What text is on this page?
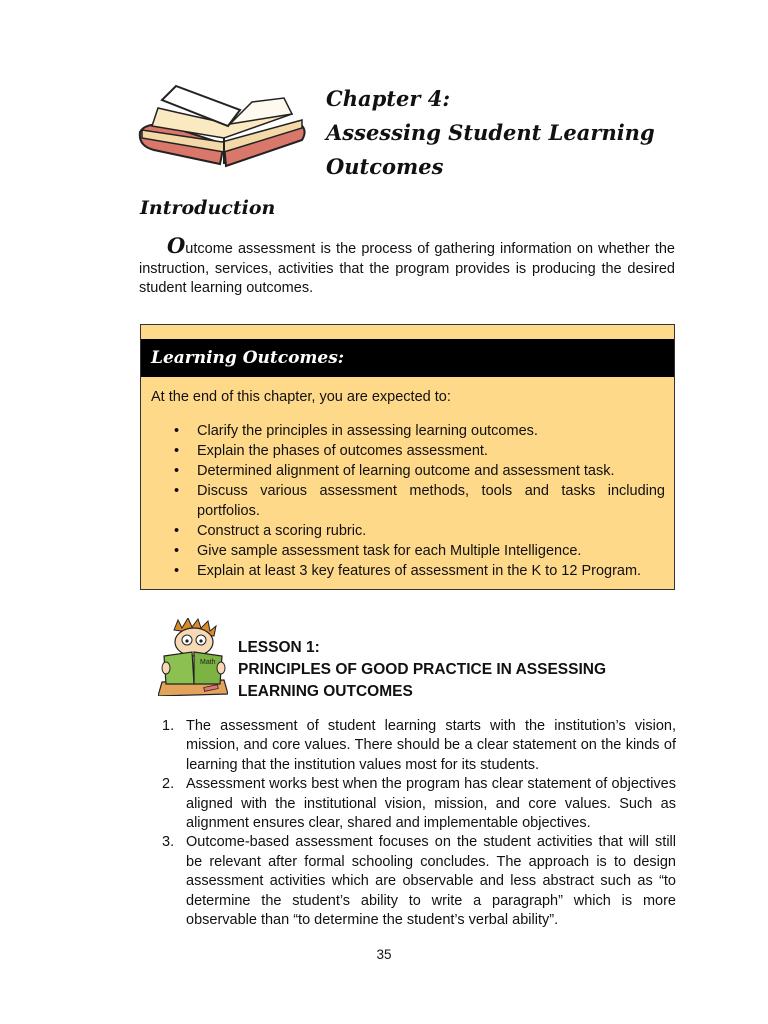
Chapter 4:
Assessing Student Learning
Outcomes
Introduction

Outcome assessment is the process of gathering information on whether the instruction, services, activities that the program provides is producing the desired student learning outcomes.

Learning Outcomes:
At the end of this chapter, you are expected to:
• Clarify the principles in assessing learning outcomes.
• Explain the phases of outcomes assessment.
• Determined alignment of learning outcome and assessment task.
• Discuss various assessment methods, tools and tasks including portfolios.
• Construct a scoring rubric.
• Give sample assessment task for each Multiple Intelligence.
• Explain at least 3 key features of assessment in the K to 12 Program.
Math
LESSON 1:
PRINCIPLES OF GOOD PRACTICE IN ASSESSING
LEARNING OUTCOMES
1. The assessment of student learning starts with the institution’s vision, mission, and core values. There should be a clear statement on the kinds of learning that the institution values most for its students.
2. Assessment works best when the program has clear statement of objectives aligned with the institutional vision, mission, and core values. Such as alignment ensures clear, shared and implementable objectives.
3. Outcome-based assessment focuses on the student activities that will still be relevant after formal schooling concludes. The approach is to design assessment activities which are observable and less abstract such as “to determine the student’s ability to write a paragraph” which is more observable than “to determine the student’s verbal ability”.
35
